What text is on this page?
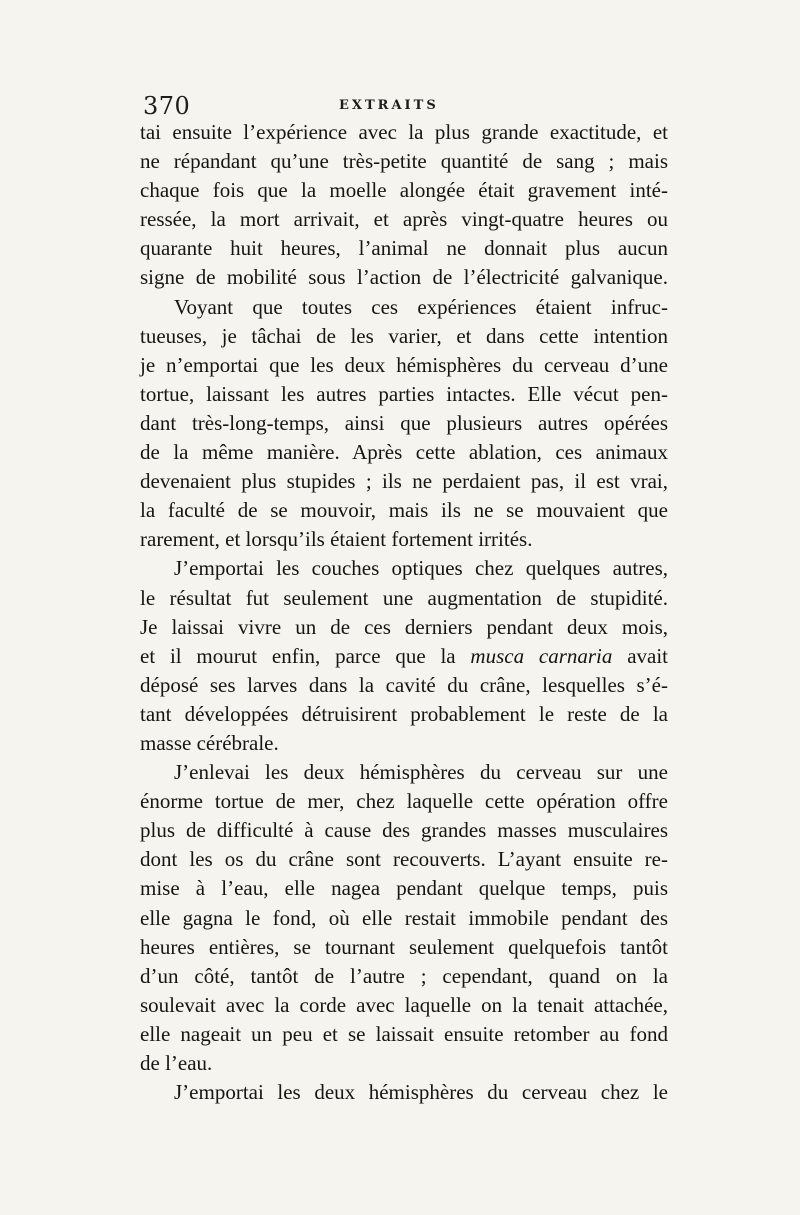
370	EXTRAITS
tai ensuite l’expérience avec la plus grande exactitude, et
ne répandant qu’une très-petite quantité de sang ; mais
chaque fois que la moelle alongée était gravement inté-
ressée, la mort arrivait, et après vingt-quatre heures ou
quarante huit heures, l’animal ne donnait plus aucun
signe de mobilité sous l’action de l’électricité galvanique.
Voyant que toutes ces expériences étaient infruc-
tueuses, je tâchai de les varier, et dans cette intention
je n’emportai que les deux hémisphères du cerveau d’une
tortue, laissant les autres parties intactes. Elle vécut pen-
dant très-long-temps, ainsi que plusieurs autres opérées
de la même manière. Après cette ablation, ces animaux
devenaient plus stupides ; ils ne perdaient pas, il est vrai,
la faculté de se mouvoir, mais ils ne se mouvaient que
rarement, et lorsqu’ils étaient fortement irrités.
J’emportai les couches optiques chez quelques autres,
le résultat fut seulement une augmentation de stupidité.
Je laissai vivre un de ces derniers pendant deux mois,
et il mourut enfin, parce que la musca carnaria avait
déposé ses larves dans la cavité du crâne, lesquelles s’é-
tant développées détruisirent probablement le reste de la
masse cérébrale.
J’enlevai les deux hémisphères du cerveau sur une
énorme tortue de mer, chez laquelle cette opération offre
plus de difficulté à cause des grandes masses musculaires
dont les os du crâne sont recouverts. L’ayant ensuite re-
mise à l’eau, elle nagea pendant quelque temps, puis
elle gagna le fond, où elle restait immobile pendant des
heures entières, se tournant seulement quelquefois tantôt
d’un côté, tantôt de l’autre ; cependant, quand on la
soulevait avec la corde avec laquelle on la tenait attachée,
elle nageait un peu et se laissait ensuite retomber au fond
de l’eau.
J’emportai les deux hémisphères du cerveau chez le
